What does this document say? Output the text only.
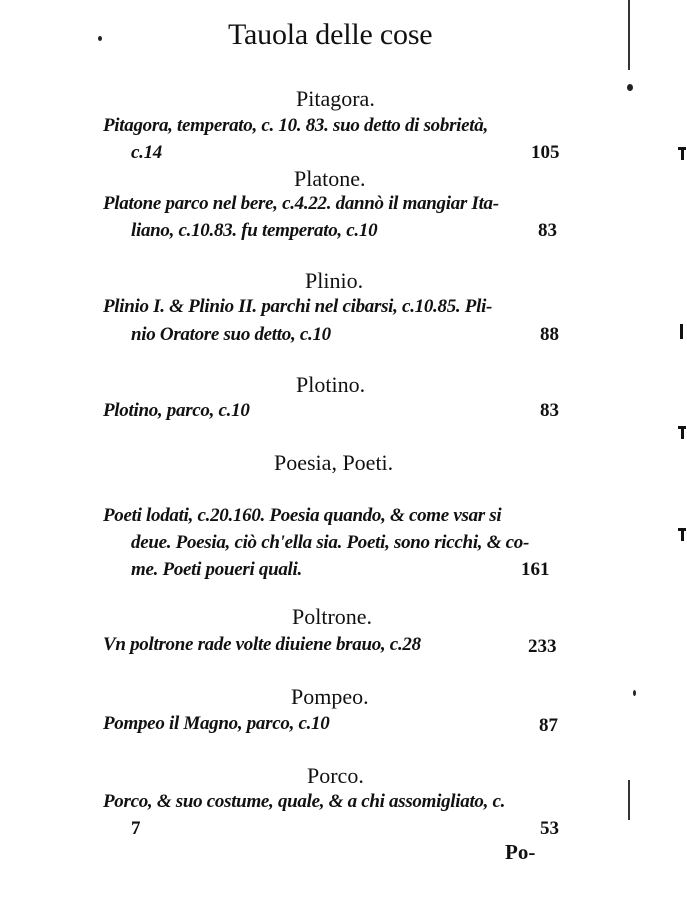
Tauola delle cose
Pitagora.
Pitagora, temperato, c. 10. 83. suo detto di sobrietà,
c.14	105
Platone.
Platone parco nel bere, c.4.22. dannò il mangiar Ita-
liano, c.10.83. fu temperato, c.10	83
Plinio.
Plinio I. & Plinio II. parchi nel cibarsi, c.10.85. Pli-
nio Oratore suo detto, c.10	88
Plotino.
Plotino, parco, c.10	83
Poesia, Poeti.
Poeti lodati, c.20.160. Poesia quando, & come vsar si
deue. Poesia, ciò ch'ella sia. Poeti, sono ricchi, & co-
me. Poeti poueri quali.	161
Poltrone.
Vn poltrone rade volte diuiene brauo, c.28	233
Pompeo.
Pompeo il Magno, parco, c.10	87
Porco.
Porco, & suo costume, quale, & a chi assomigliato, c.
7	53
Po-
